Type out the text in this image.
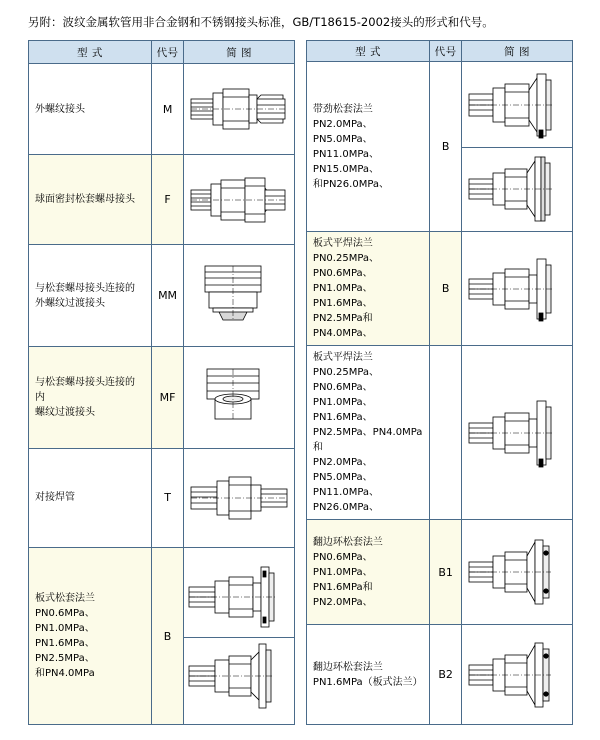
另附：波纹金属软管用非合金钢和不锈钢接头标准，GB/T18615-2002接头的形式和代号。
型 式	代号	简 图

外螺纹接头	M	

球面密封松套螺母接头	F	

与松套螺母接头连接的
外螺纹过渡接头
	MM	

与松套螺母接头连接的内
螺纹过渡接头
	MF	

对接焊管	T	

板式松套法兰
PN0.6MPa、PN1.0MPa、
PN1.6MPa、PN2.5MPa、
和PN4.0MPa
	B	

型 式	代号	简 图

带劲松套法兰
PN2.0MPa、PN5.0MPa、
PN11.0MPa、PN15.0MPa、
和PN26.0MPa、
	B	

板式平焊法兰
PN0.25MPa、PN0.6MPa、
PN1.0MPa、PN1.6MPa、
PN2.5MPa和PN4.0MPa、
	B	

板式平焊法兰
PN0.25MPa、PN0.6MPa、
PN1.0MPa、PN1.6MPa、
PN2.5MPa、PN4.0MPa 和
PN2.0MPa、PN5.0MPa、
PN11.0MPa、PN26.0MPa、

翻边环松套法兰
PN0.6MPa、PN1.0MPa、
PN1.6MPa和PN2.0MPa、
	B1	

翻边环松套法兰
PN1.6MPa（板式法兰）
	B2	
